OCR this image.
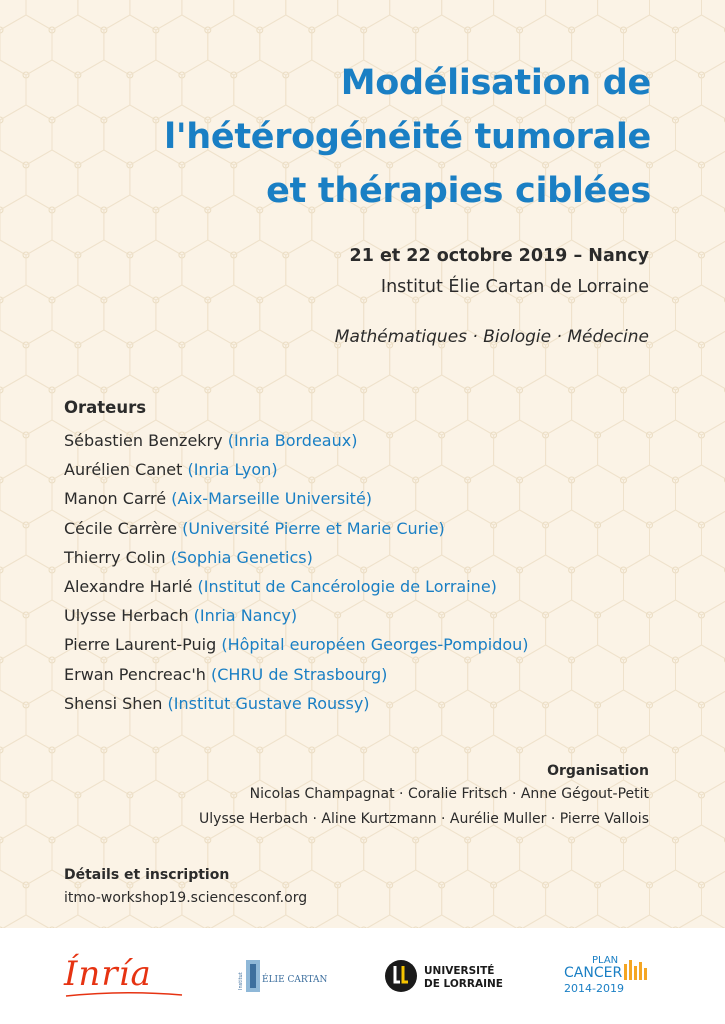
Modélisation de
l'hétérogénéité tumorale
et thérapies ciblées
21 et 22 octobre 2019 – Nancy
Institut Élie Cartan de Lorraine
Mathématiques · Biologie · Médecine
Orateurs
Sébastien Benzekry (Inria Bordeaux)
Aurélien Canet (Inria Lyon)
Manon Carré (Aix-Marseille Université)
Cécile Carrère (Université Pierre et Marie Curie)
Thierry Colin (Sophia Genetics)
Alexandre Harlé (Institut de Cancérologie de Lorraine)
Ulysse Herbach (Inria Nancy)
Pierre Laurent-Puig (Hôpital européen Georges-Pompidou)
Erwan Pencreac'h (CHRU de Strasbourg)
Shensi Shen (Institut Gustave Roussy)
Organisation
Nicolas Champagnat · Coralie Fritsch · Anne Gégout-Petit
Ulysse Herbach · Aline Kurtzmann · Aurélie Muller · Pierre Vallois
Détails et inscription
itmo-workshop19.sciencesconf.org
Ínría	Institut ÉLIE CARTAN
UNIVERSITÉ
DE LORRAINE
PLAN
CANCER
2014-2019
